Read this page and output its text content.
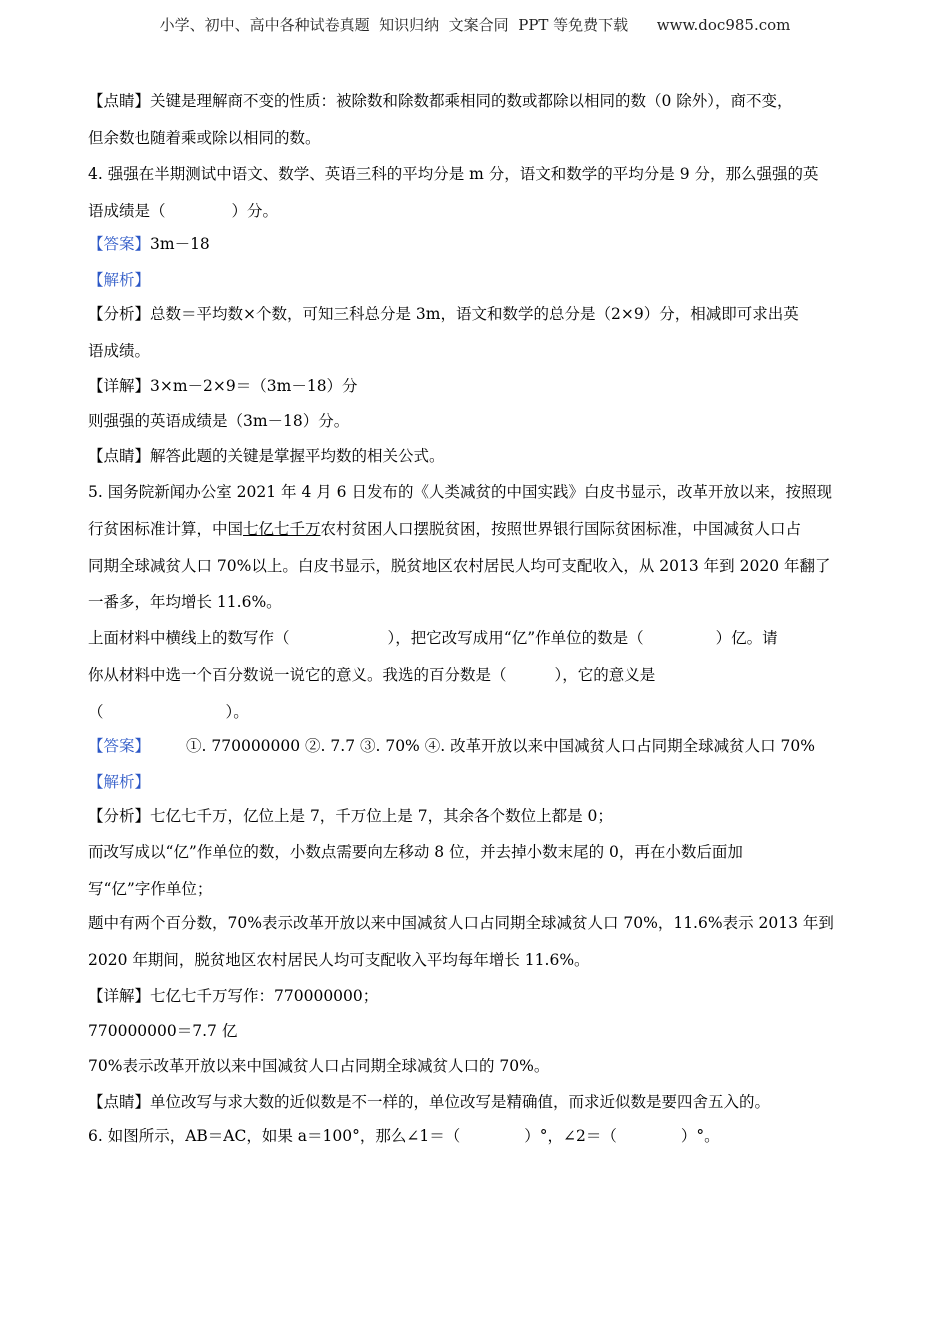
小学、初中、高中各种试卷真题  知识归纳  文案合同  PPT 等免费下载      www.doc985.com
【点睛】关键是理解商不变的性质：被除数和除数都乘相同的数或都除以相同的数（0 除外），商不变，
但余数也随着乘或除以相同的数。
4. 强强在半期测试中语文、数学、英语三科的平均分是 m 分，语文和数学的平均分是 9 分，那么强强的英
语成绩是（	）分。
【答案】3m－18
【解析】
【分析】总数＝平均数×个数，可知三科总分是 3m，语文和数学的总分是（2×9）分，相减即可求出英
语成绩。
【详解】3×m－2×9＝（3m－18）分
则强强的英语成绩是（3m－18）分。
【点睛】解答此题的关键是掌握平均数的相关公式。
5. 国务院新闻办公室 2021 年 4 月 6 日发布的《人类减贫的中国实践》白皮书显示，改革开放以来，按照现
行贫困标准计算，中国七亿七千万农村贫困人口摆脱贫困，按照世界银行国际贫困标准，中国减贫人口占
同期全球减贫人口 70%以上。白皮书显示，脱贫地区农村居民人均可支配收入，从 2013 年到 2020 年翻了
一番多，年均增长 11.6%。
上面材料中横线上的数写作（	），把它改写成用“亿”作单位的数是（	）亿。请
你从材料中选一个百分数说一说它的意义。我选的百分数是（	），它的意义是
（	）。
【答案】 ①. 770000000 ②. 7.7 ③. 70% ④. 改革开放以来中国减贫人口占同期全球减贫人口 70%
【解析】
【分析】七亿七千万，亿位上是 7，千万位上是 7，其余各个数位上都是 0；
而改写成以“亿”作单位的数，小数点需要向左移动 8 位，并去掉小数末尾的 0，再在小数后面加
写“亿”字作单位；
题中有两个百分数，70%表示改革开放以来中国减贫人口占同期全球减贫人口 70%，11.6%表示 2013 年到
2020 年期间，脱贫地区农村居民人均可支配收入平均每年增长 11.6%。
【详解】七亿七千万写作：770000000；
770000000＝7.7 亿
70%表示改革开放以来中国减贫人口占同期全球减贫人口的 70%。
【点睛】单位改写与求大数的近似数是不一样的，单位改写是精确值，而求近似数是要四舍五入的。
6. 如图所示，AB＝AC，如果 a＝100°，那么∠1＝（	）°，∠2＝（	）°。
